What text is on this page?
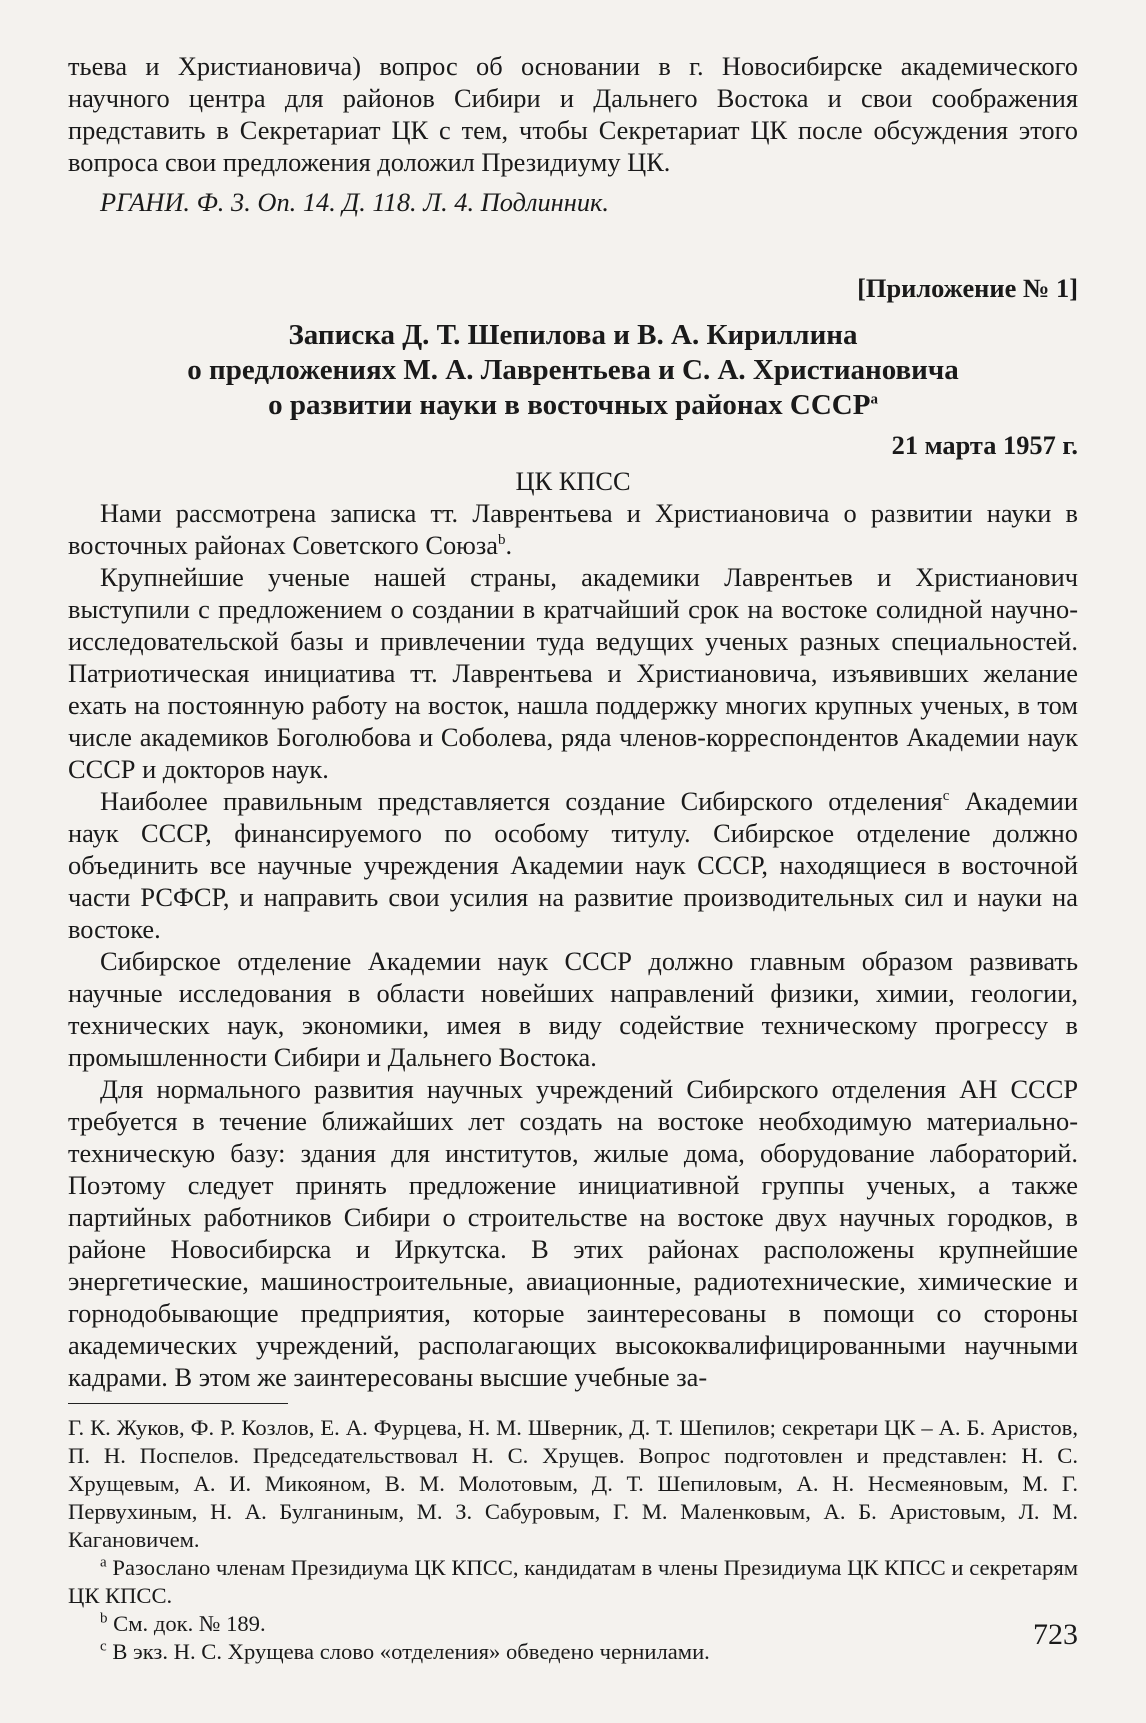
тьева и Христиановича) вопрос об основании в г. Новосибирске академического научного центра для районов Сибири и Дальнего Востока и свои соображения представить в Секретариат ЦК с тем, чтобы Секретариат ЦК после обсуждения этого вопроса свои предложения доложил Президиуму ЦК.

РГАНИ. Ф. 3. Оп. 14. Д. 118. Л. 4. Подлинник.

[Приложение № 1]

Записка Д. Т. Шепилова и В. А. Кириллина
о предложениях М. А. Лаврентьева и С. А. Христиановича
о развитии науки в восточных районах СССР$^a$

21 марта 1957 г.

ЦК КПСС

Нами рассмотрена записка тт. Лаврентьева и Христиановича о развитии науки в восточных районах Советского Союза$^b$.

Крупнейшие ученые нашей страны, академики Лаврентьев и Христианович выступили с предложением о создании в кратчайший срок на востоке солидной научно-исследовательской базы и привлечении туда ведущих ученых разных специальностей. Патриотическая инициатива тт. Лаврентьева и Христиановича, изъявивших желание ехать на постоянную работу на восток, нашла поддержку многих крупных ученых, в том числе академиков Боголюбова и Соболева, ряда членов-корреспондентов Академии наук СССР и докторов наук.

Наиболее правильным представляется создание Сибирского отделения$^c$ Академии наук СССР, финансируемого по особому титулу. Сибирское отделение должно объединить все научные учреждения Академии наук СССР, находящиеся в восточной части РСФСР, и направить свои усилия на развитие производительных сил и науки на востоке.

Сибирское отделение Академии наук СССР должно главным образом развивать научные исследования в области новейших направлений физики, химии, геологии, технических наук, экономики, имея в виду содействие техническому прогрессу в промышленности Сибири и Дальнего Востока.

Для нормального развития научных учреждений Сибирского отделения АН СССР требуется в течение ближайших лет создать на востоке необходимую материально-техническую базу: здания для институтов, жилые дома, оборудование лабораторий. Поэтому следует принять предложение инициативной группы ученых, а также партийных работников Сибири о строительстве на востоке двух научных городков, в районе Новосибирска и Иркутска. В этих районах расположены крупнейшие энергетические, машиностроительные, авиационные, радиотехнические, химические и горнодобывающие предприятия, которые заинтересованы в помощи со стороны академических учреждений, располагающих высококвалифицированными научными кадрами. В этом же заинтересованы высшие учебные за-

Г. К. Жуков, Ф. Р. Козлов, Е. А. Фурцева, Н. М. Шверник, Д. Т. Шепилов; секретари ЦК – А. Б. Аристов, П. Н. Поспелов. Председательствовал Н. С. Хрущев. Вопрос подготовлен и представлен: Н. С. Хрущевым, А. И. Микояном, В. М. Молотовым, Д. Т. Шепиловым, А. Н. Несмеяновым, М. Г. Первухиным, Н. А. Булганиным, М. З. Сабуровым, Г. М. Маленковым, А. Б. Аристовым, Л. М. Кагановичем.

$^a$ Разослано членам Президиума ЦК КПСС, кандидатам в члены Президиума ЦК КПСС и секретарям ЦК КПСС.

$^b$ См. док. № 189.

$^c$ В экз. Н. С. Хрущева слово «отделения» обведено чернилами.

723
